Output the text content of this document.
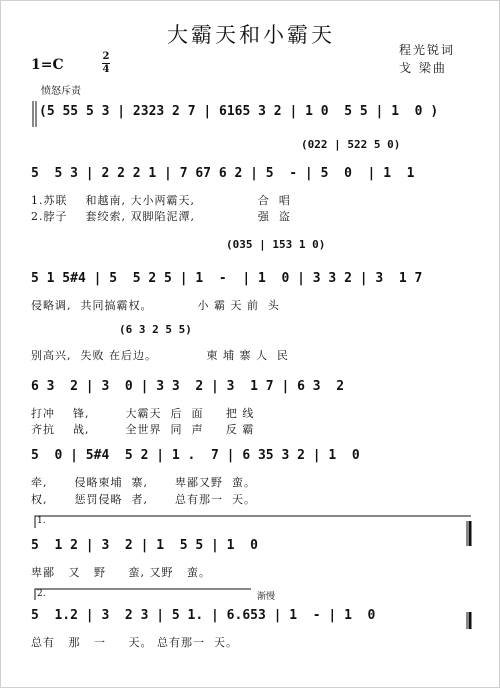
大霸天和小霸天
程光锐词
戈 梁曲
1=C
2
4
愤怒斥责
(5 55 5 3 | 2323 2 7 | 6165 3 2 | 1 0  5 5 | 1  0 )
(022 | 522 5 0)
5  5 3 | 2 2 2 1 | 7 67 6 2 | 5  - | 5  0  | 1  1
1.苏联    和越南, 大小两霸天,              合  唱
2.脖子    套绞索, 双脚陷泥潭,              强  盗
(035 | 153 1 0)
5 1 5#4 | 5  5 2 5 | 1  -  | 1  0 | 3 3 2 | 3  1 7
侵略调,  共同搞霸权。          小 霸 天 前  头
别高兴,  失败 在后边。           柬 埔 寨 人  民
(6 3 2 5 5)
6 3  2 | 3  0 | 3 3  2 | 3  1 7 | 6 3  2
打冲    锋,        大霸天  后  面     把 线
齐抗    战,        全世界  同  声     反 霸
5  0 | 5#4  5 2 | 1 .  7 | 6 35 3 2 | 1  0
牵,      侵略柬埔  寨,      卑鄙又野  蛮。
权,      惩罚侵略  者,      总有那一  天。
1.
5  1 2 | 3  2 | 1  5 5 | 1  0
卑鄙   又   野     蛮, 又野   蛮。
2.	渐慢
5  1.2 | 3  2 3 | 5 1. | 6.653 | 1  - | 1  0
总有   那   一     天。 总有那一  天。
